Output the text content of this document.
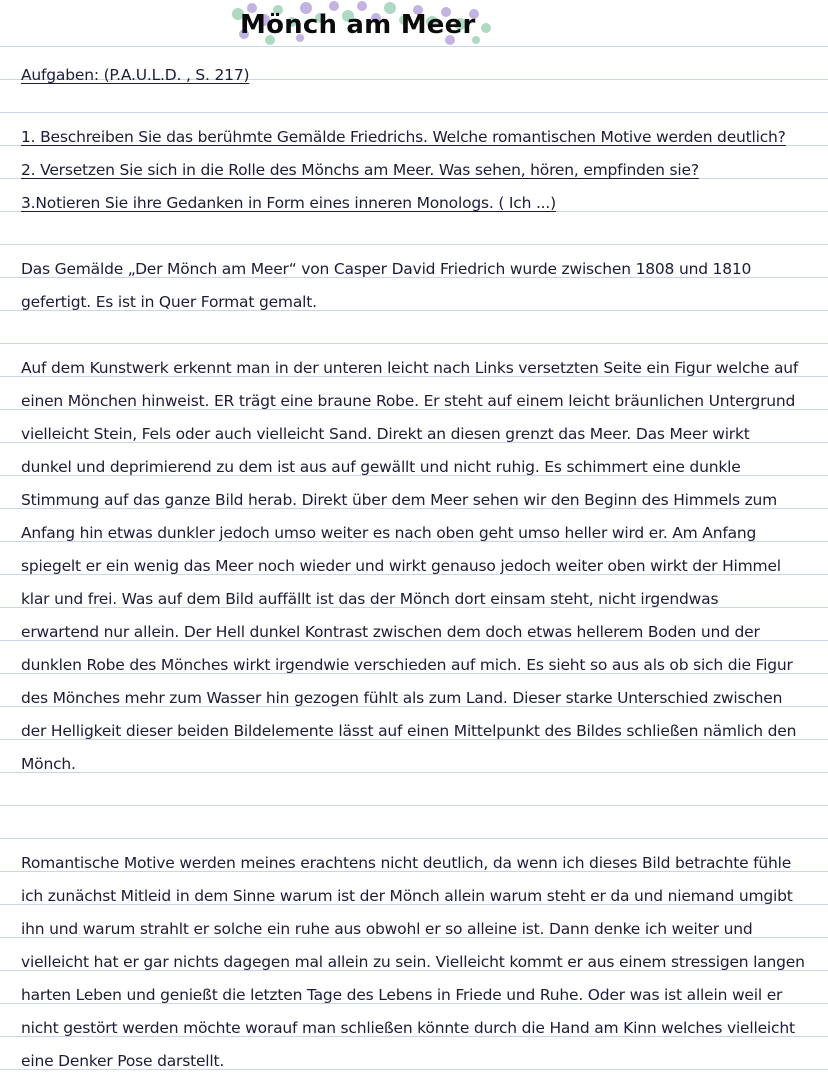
Mönch am Meer
Aufgaben: (P.A.U.L.D. , S. 217)
1. Beschreiben Sie das berühmte Gemälde Friedrichs. Welche romantischen Motive werden deutlich?
2. Versetzen Sie sich in die Rolle des Mönchs am Meer. Was sehen, hören, empfinden sie?
3.Notieren Sie ihre Gedanken in Form eines inneren Monologs. ( Ich ...)
Das Gemälde „Der Mönch am Meer“ von Casper David Friedrich wurde zwischen 1808 und 1810
gefertigt. Es ist in Quer Format gemalt.
Auf dem Kunstwerk erkennt man in der unteren leicht nach Links versetzten Seite ein Figur welche auf
einen Mönchen hinweist. ER trägt eine braune Robe. Er steht auf einem leicht bräunlichen Untergrund
vielleicht Stein, Fels oder auch vielleicht Sand. Direkt an diesen grenzt das Meer. Das Meer wirkt
dunkel und deprimierend zu dem ist aus auf gewällt und nicht ruhig. Es schimmert eine dunkle
Stimmung auf das ganze Bild herab. Direkt über dem Meer sehen wir den Beginn des Himmels zum
Anfang hin etwas dunkler jedoch umso weiter es nach oben geht umso heller wird er. Am Anfang
spiegelt er ein wenig das Meer noch wieder und wirkt genauso jedoch weiter oben wirkt der Himmel
klar und frei. Was auf dem Bild auffällt ist das der Mönch dort einsam steht, nicht irgendwas
erwartend nur allein. Der Hell dunkel Kontrast zwischen dem doch etwas hellerem Boden und der
dunklen Robe des Mönches wirkt irgendwie verschieden auf mich. Es sieht so aus als ob sich die Figur
des Mönches mehr zum Wasser hin gezogen fühlt als zum Land. Dieser starke Unterschied zwischen
der Helligkeit dieser beiden Bildelemente lässt auf einen Mittelpunkt des Bildes schließen nämlich den
Mönch.
Romantische Motive werden meines erachtens nicht deutlich, da wenn ich dieses Bild betrachte fühle
ich zunächst Mitleid in dem Sinne warum ist der Mönch allein warum steht er da und niemand umgibt
ihn und warum strahlt er solche ein ruhe aus obwohl er so alleine ist. Dann denke ich weiter und
vielleicht hat er gar nichts dagegen mal allein zu sein. Vielleicht kommt er aus einem stressigen langen
harten Leben und genießt die letzten Tage des Lebens in Friede und Ruhe. Oder was ist allein weil er
nicht gestört werden möchte worauf man schließen könnte durch die Hand am Kinn welches vielleicht
eine Denker Pose darstellt.
